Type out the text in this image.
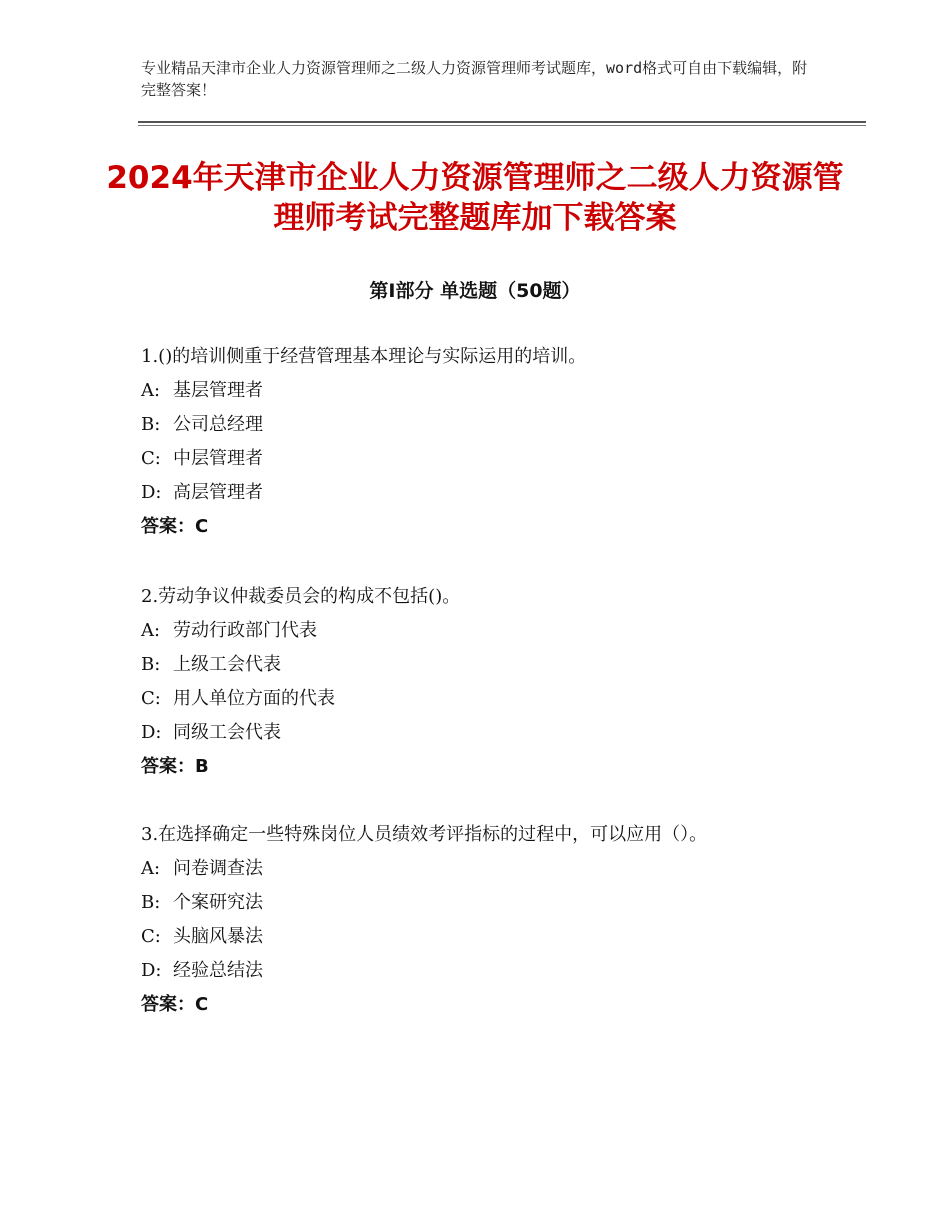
专业精品天津市企业人力资源管理师之二级人力资源管理师考试题库，word格式可自由下载编辑，附完整答案！
2024年天津市企业人力资源管理师之二级人力资源管理师考试完整题库加下载答案
第Ⅰ部分 单选题（50题）
1.()的培训侧重于经营管理基本理论与实际运用的培训。
A: 基层管理者
B: 公司总经理
C: 中层管理者
D: 高层管理者
答案：C
2.劳动争议仲裁委员会的构成不包括()。
A: 劳动行政部门代表
B: 上级工会代表
C: 用人单位方面的代表
D: 同级工会代表
答案：B
3.在选择确定一些特殊岗位人员绩效考评指标的过程中，可以应用（）。
A: 问卷调查法
B: 个案研究法
C: 头脑风暴法
D: 经验总结法
答案：C
